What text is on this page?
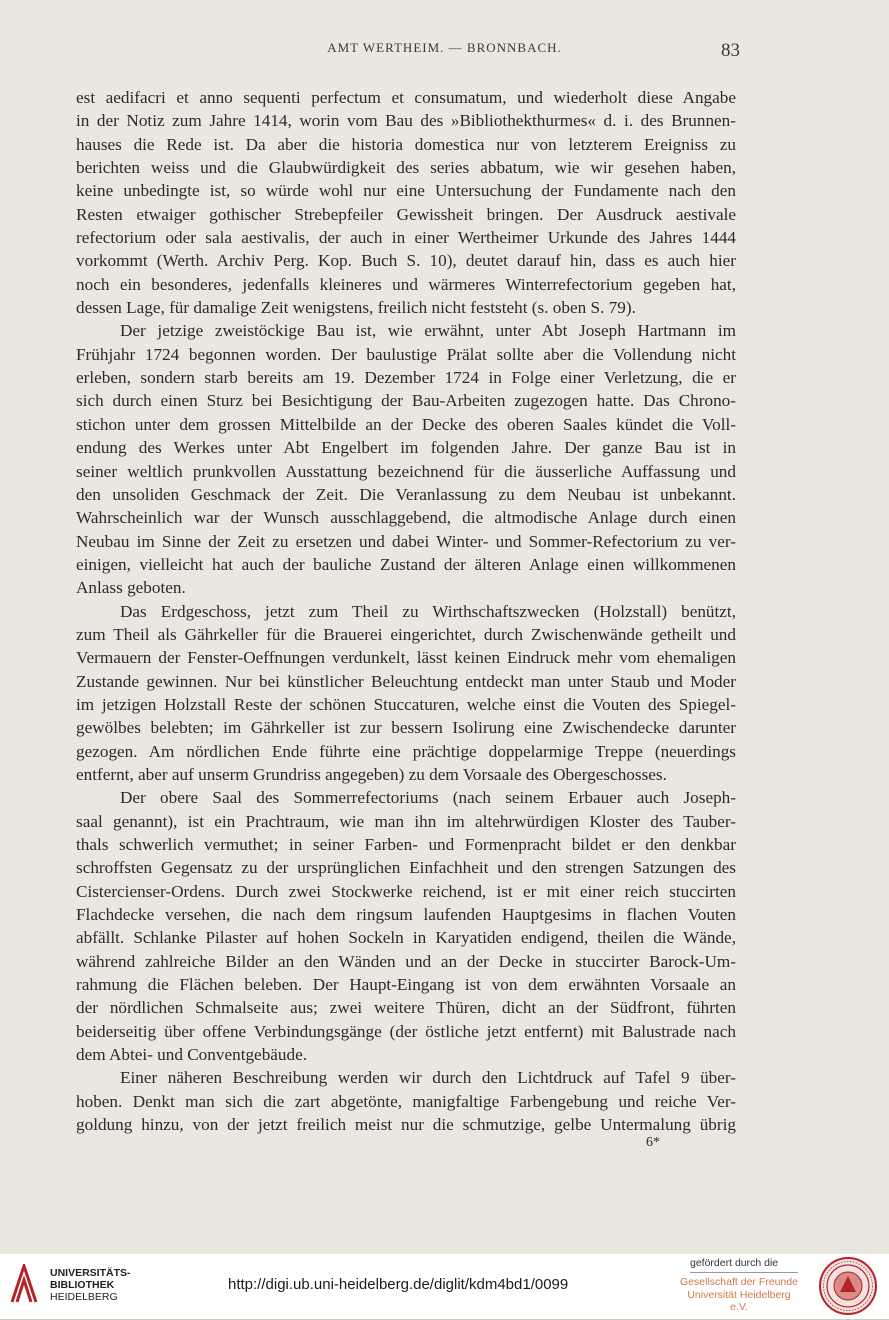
AMT WERTHEIM. — BRONNBACH.	83
est aedifacri et anno sequenti perfectum et consumatum, und wiederholt diese Angabe
in der Notiz zum Jahre 1414, worin vom Bau des »Bibliothekthurmes« d. i. des Brunnen-
hauses die Rede ist. Da aber die historia domestica nur von letzterem Ereigniss zu
berichten weiss und die Glaubwürdigkeit des series abbatum, wie wir gesehen haben,
keine unbedingte ist, so würde wohl nur eine Untersuchung der Fundamente nach den
Resten etwaiger gothischer Strebepfeiler Gewissheit bringen. Der Ausdruck aestivale
refectorium oder sala aestivalis, der auch in einer Wertheimer Urkunde des Jahres 1444
vorkommt (Werth. Archiv Perg. Kop. Buch S. 10), deutet darauf hin, dass es auch hier
noch ein besonderes, jedenfalls kleineres und wärmeres Winterrefectorium gegeben hat,
dessen Lage, für damalige Zeit wenigstens, freilich nicht feststeht (s. oben S. 79).
Der jetzige zweistöckige Bau ist, wie erwähnt, unter Abt Joseph Hartmann im
Frühjahr 1724 begonnen worden. Der baulustige Prälat sollte aber die Vollendung nicht
erleben, sondern starb bereits am 19. Dezember 1724 in Folge einer Verletzung, die er
sich durch einen Sturz bei Besichtigung der Bau-Arbeiten zugezogen hatte. Das Chrono-
stichon unter dem grossen Mittelbilde an der Decke des oberen Saales kündet die Voll-
endung des Werkes unter Abt Engelbert im folgenden Jahre. Der ganze Bau ist in
seiner weltlich prunkvollen Ausstattung bezeichnend für die äusserliche Auffassung und
den unsoliden Geschmack der Zeit. Die Veranlassung zu dem Neubau ist unbekannt.
Wahrscheinlich war der Wunsch ausschlaggebend, die altmodische Anlage durch einen
Neubau im Sinne der Zeit zu ersetzen und dabei Winter- und Sommer-Refectorium zu ver-
einigen, vielleicht hat auch der bauliche Zustand der älteren Anlage einen willkommenen
Anlass geboten.
Das Erdgeschoss, jetzt zum Theil zu Wirthschaftszwecken (Holzstall) benützt,
zum Theil als Gährkeller für die Brauerei eingerichtet, durch Zwischenwände getheilt und
Vermauern der Fenster-Oeffnungen verdunkelt, lässt keinen Eindruck mehr vom ehemaligen
Zustande gewinnen. Nur bei künstlicher Beleuchtung entdeckt man unter Staub und Moder
im jetzigen Holzstall Reste der schönen Stuccaturen, welche einst die Vouten des Spiegel-
gewölbes belebten; im Gährkeller ist zur bessern Isolirung eine Zwischendecke darunter
gezogen. Am nördlichen Ende führte eine prächtige doppelarmige Treppe (neuerdings
entfernt, aber auf unserm Grundriss angegeben) zu dem Vorsaale des Obergeschosses.
Der obere Saal des Sommerrefectoriums (nach seinem Erbauer auch Joseph-
saal genannt), ist ein Prachtraum, wie man ihn im altehrwürdigen Kloster des Tauber-
thals schwerlich vermuthet; in seiner Farben- und Formenpracht bildet er den denkbar
schroffsten Gegensatz zu der ursprünglichen Einfachheit und den strengen Satzungen des
Cistercienser-Ordens. Durch zwei Stockwerke reichend, ist er mit einer reich stuccirten
Flachdecke versehen, die nach dem ringsum laufenden Hauptgesims in flachen Vouten
abfällt. Schlanke Pilaster auf hohen Sockeln in Karyatiden endigend, theilen die Wände,
während zahlreiche Bilder an den Wänden und an der Decke in stuccirter Barock-Um-
rahmung die Flächen beleben. Der Haupt-Eingang ist von dem erwähnten Vorsaale an
der nördlichen Schmalseite aus; zwei weitere Thüren, dicht an der Südfront, führten
beiderseitig über offene Verbindungsgänge (der östliche jetzt entfernt) mit Balustrade nach
dem Abtei- und Conventgebäude.
Einer näheren Beschreibung werden wir durch den Lichtdruck auf Tafel 9 über-
hoben. Denkt man sich die zart abgetönte, manigfaltige Farbengebung und reiche Ver-
goldung hinzu, von der jetzt freilich meist nur die schmutzige, gelbe Untermalung übrig
6*
UNIVERSITÄTS-
BIBLIOTHEK
HEIDELBERG
http://digi.ub.uni-heidelberg.de/diglit/kdm4bd1/0099
gefördert durch die
Gesellschaft der Freunde
Universität Heidelberg e.V.
